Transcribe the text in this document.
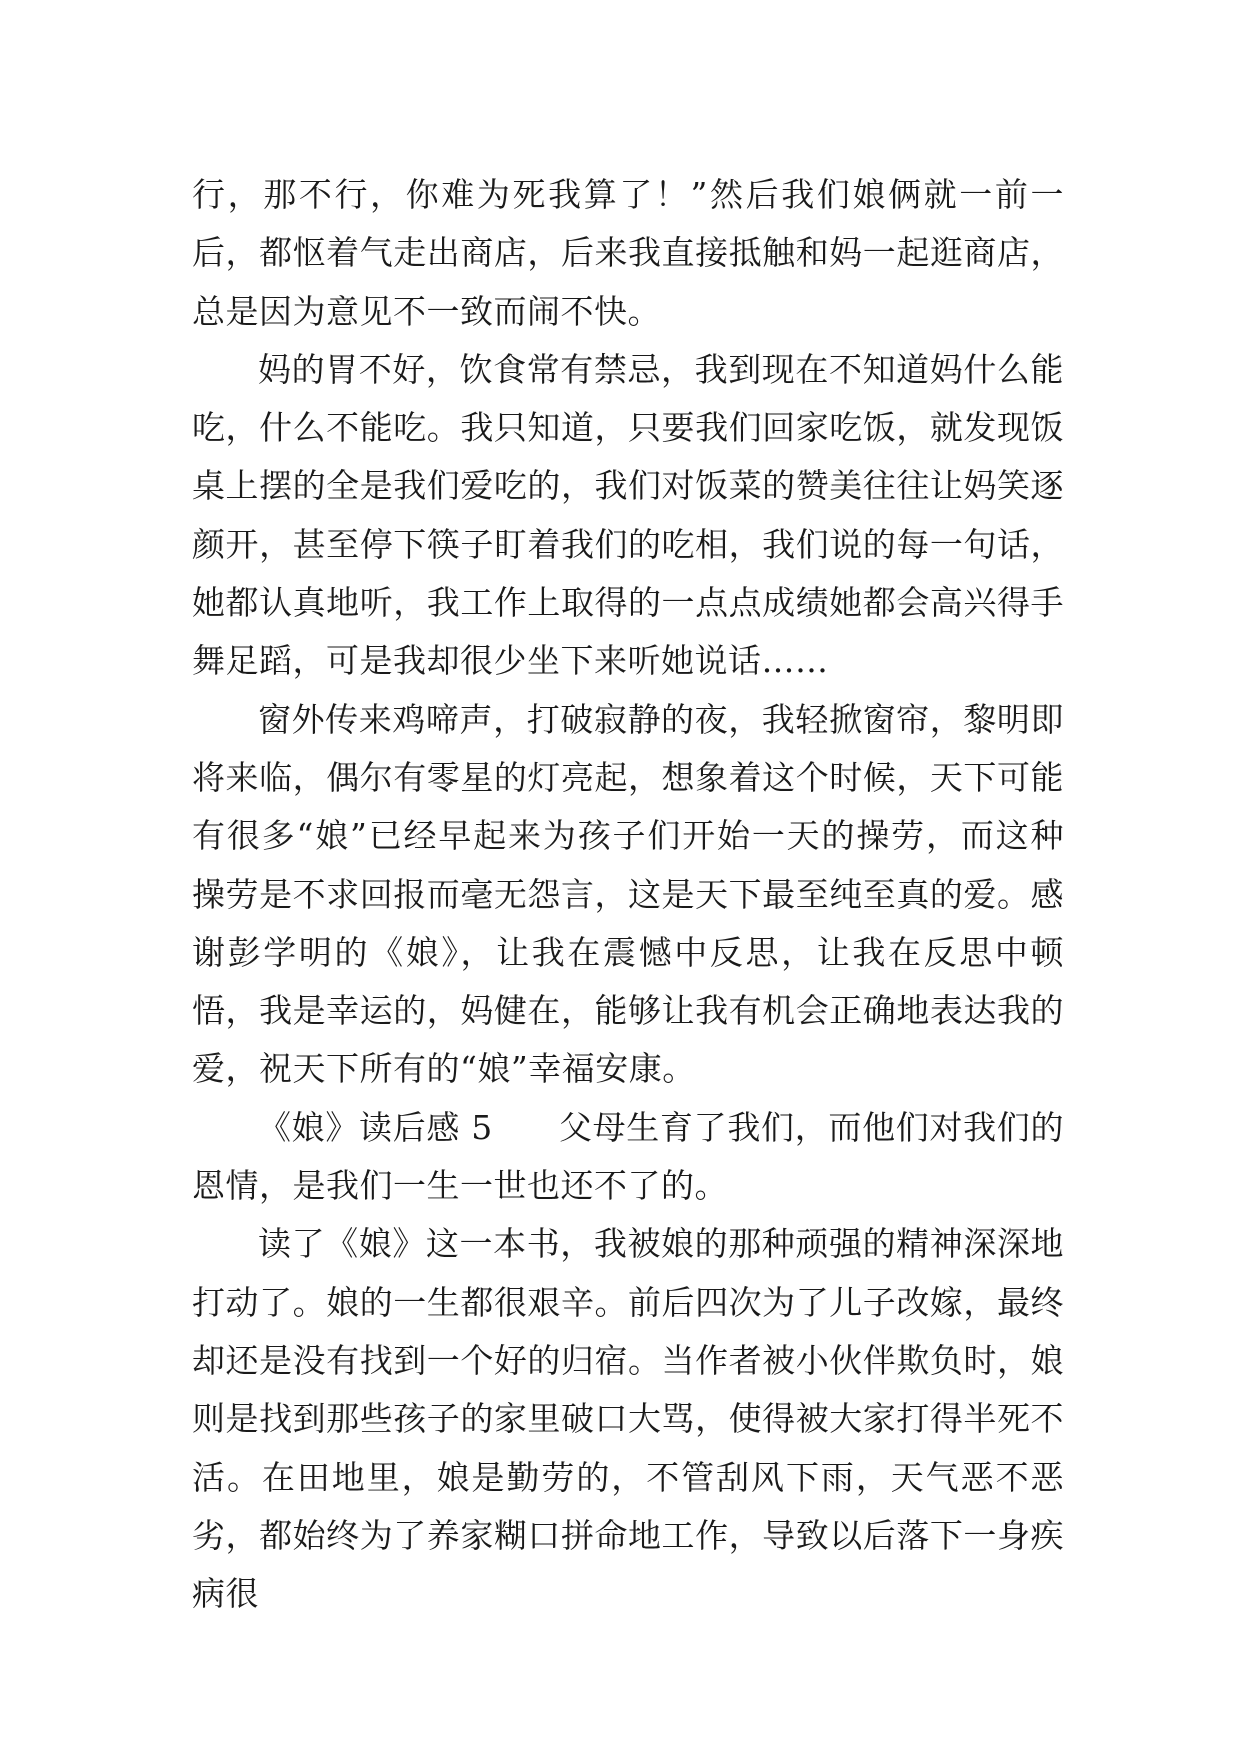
行，那不行，你难为死我算了！”然后我们娘俩就一前一后，都怄着气走出商店，后来我直接抵触和妈一起逛商店，总是因为意见不一致而闹不快。

妈的胃不好，饮食常有禁忌，我到现在不知道妈什么能吃，什么不能吃。我只知道，只要我们回家吃饭，就发现饭桌上摆的全是我们爱吃的，我们对饭菜的赞美往往让妈笑逐颜开，甚至停下筷子盯着我们的吃相，我们说的每一句话，她都认真地听，我工作上取得的一点点成绩她都会高兴得手舞足蹈，可是我却很少坐下来听她说话……

窗外传来鸡啼声，打破寂静的夜，我轻掀窗帘，黎明即将来临，偶尔有零星的灯亮起，想象着这个时候，天下可能有很多“娘”已经早起来为孩子们开始一天的操劳，而这种操劳是不求回报而毫无怨言，这是天下最至纯至真的爱。感谢彭学明的《娘》，让我在震憾中反思，让我在反思中顿悟，我是幸运的，妈健在，能够让我有机会正确地表达我的爱，祝天下所有的“娘”幸福安康。

《娘》读后感 5 父母生育了我们，而他们对我们的恩情，是我们一生一世也还不了的。

读了《娘》这一本书，我被娘的那种顽强的精神深深地打动了。娘的一生都很艰辛。前后四次为了儿子改嫁，最终却还是没有找到一个好的归宿。当作者被小伙伴欺负时，娘则是找到那些孩子的家里破口大骂，使得被大家打得半死不活。在田地里，娘是勤劳的，不管刮风下雨，天气恶不恶劣，都始终为了养家糊口拼命地工作，导致以后落下一身疾病很
